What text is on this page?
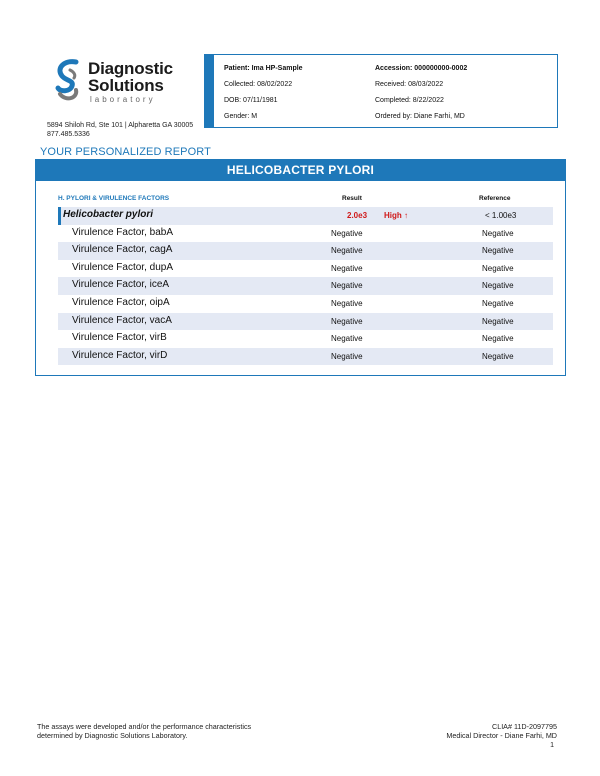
Diagnostic
Solutions
laboratory
5894 Shiloh Rd, Ste 101 | Alpharetta GA 30005
877.485.5336
Patient: Ima HP-Sample	Accession: 000000000-0002
Collected: 08/02/2022	Received: 08/03/2022
DOB: 07/11/1981	Completed: 8/22/2022
Gender: M	Ordered by: Diane Farhi, MD
YOUR PERSONALIZED REPORT
HELICOBACTER PYLORI
H. PYLORI & VIRULENCE FACTORS	Result	Reference
Helicobacter pylori	2.0e3 High ↑	< 1.00e3
Virulence Factor, babA	Negative	Negative
Virulence Factor, cagA	Negative	Negative
Virulence Factor, dupA	Negative	Negative
Virulence Factor, iceA	Negative	Negative
Virulence Factor, oipA	Negative	Negative
Virulence Factor, vacA	Negative	Negative
Virulence Factor, virB	Negative	Negative
Virulence Factor, virD	Negative	Negative
The assays were developed and/or the performance characteristics
determined by Diagnostic Solutions Laboratory.
CLIA# 11D-2097795
Medical Director - Diane Farhi, MD
1
